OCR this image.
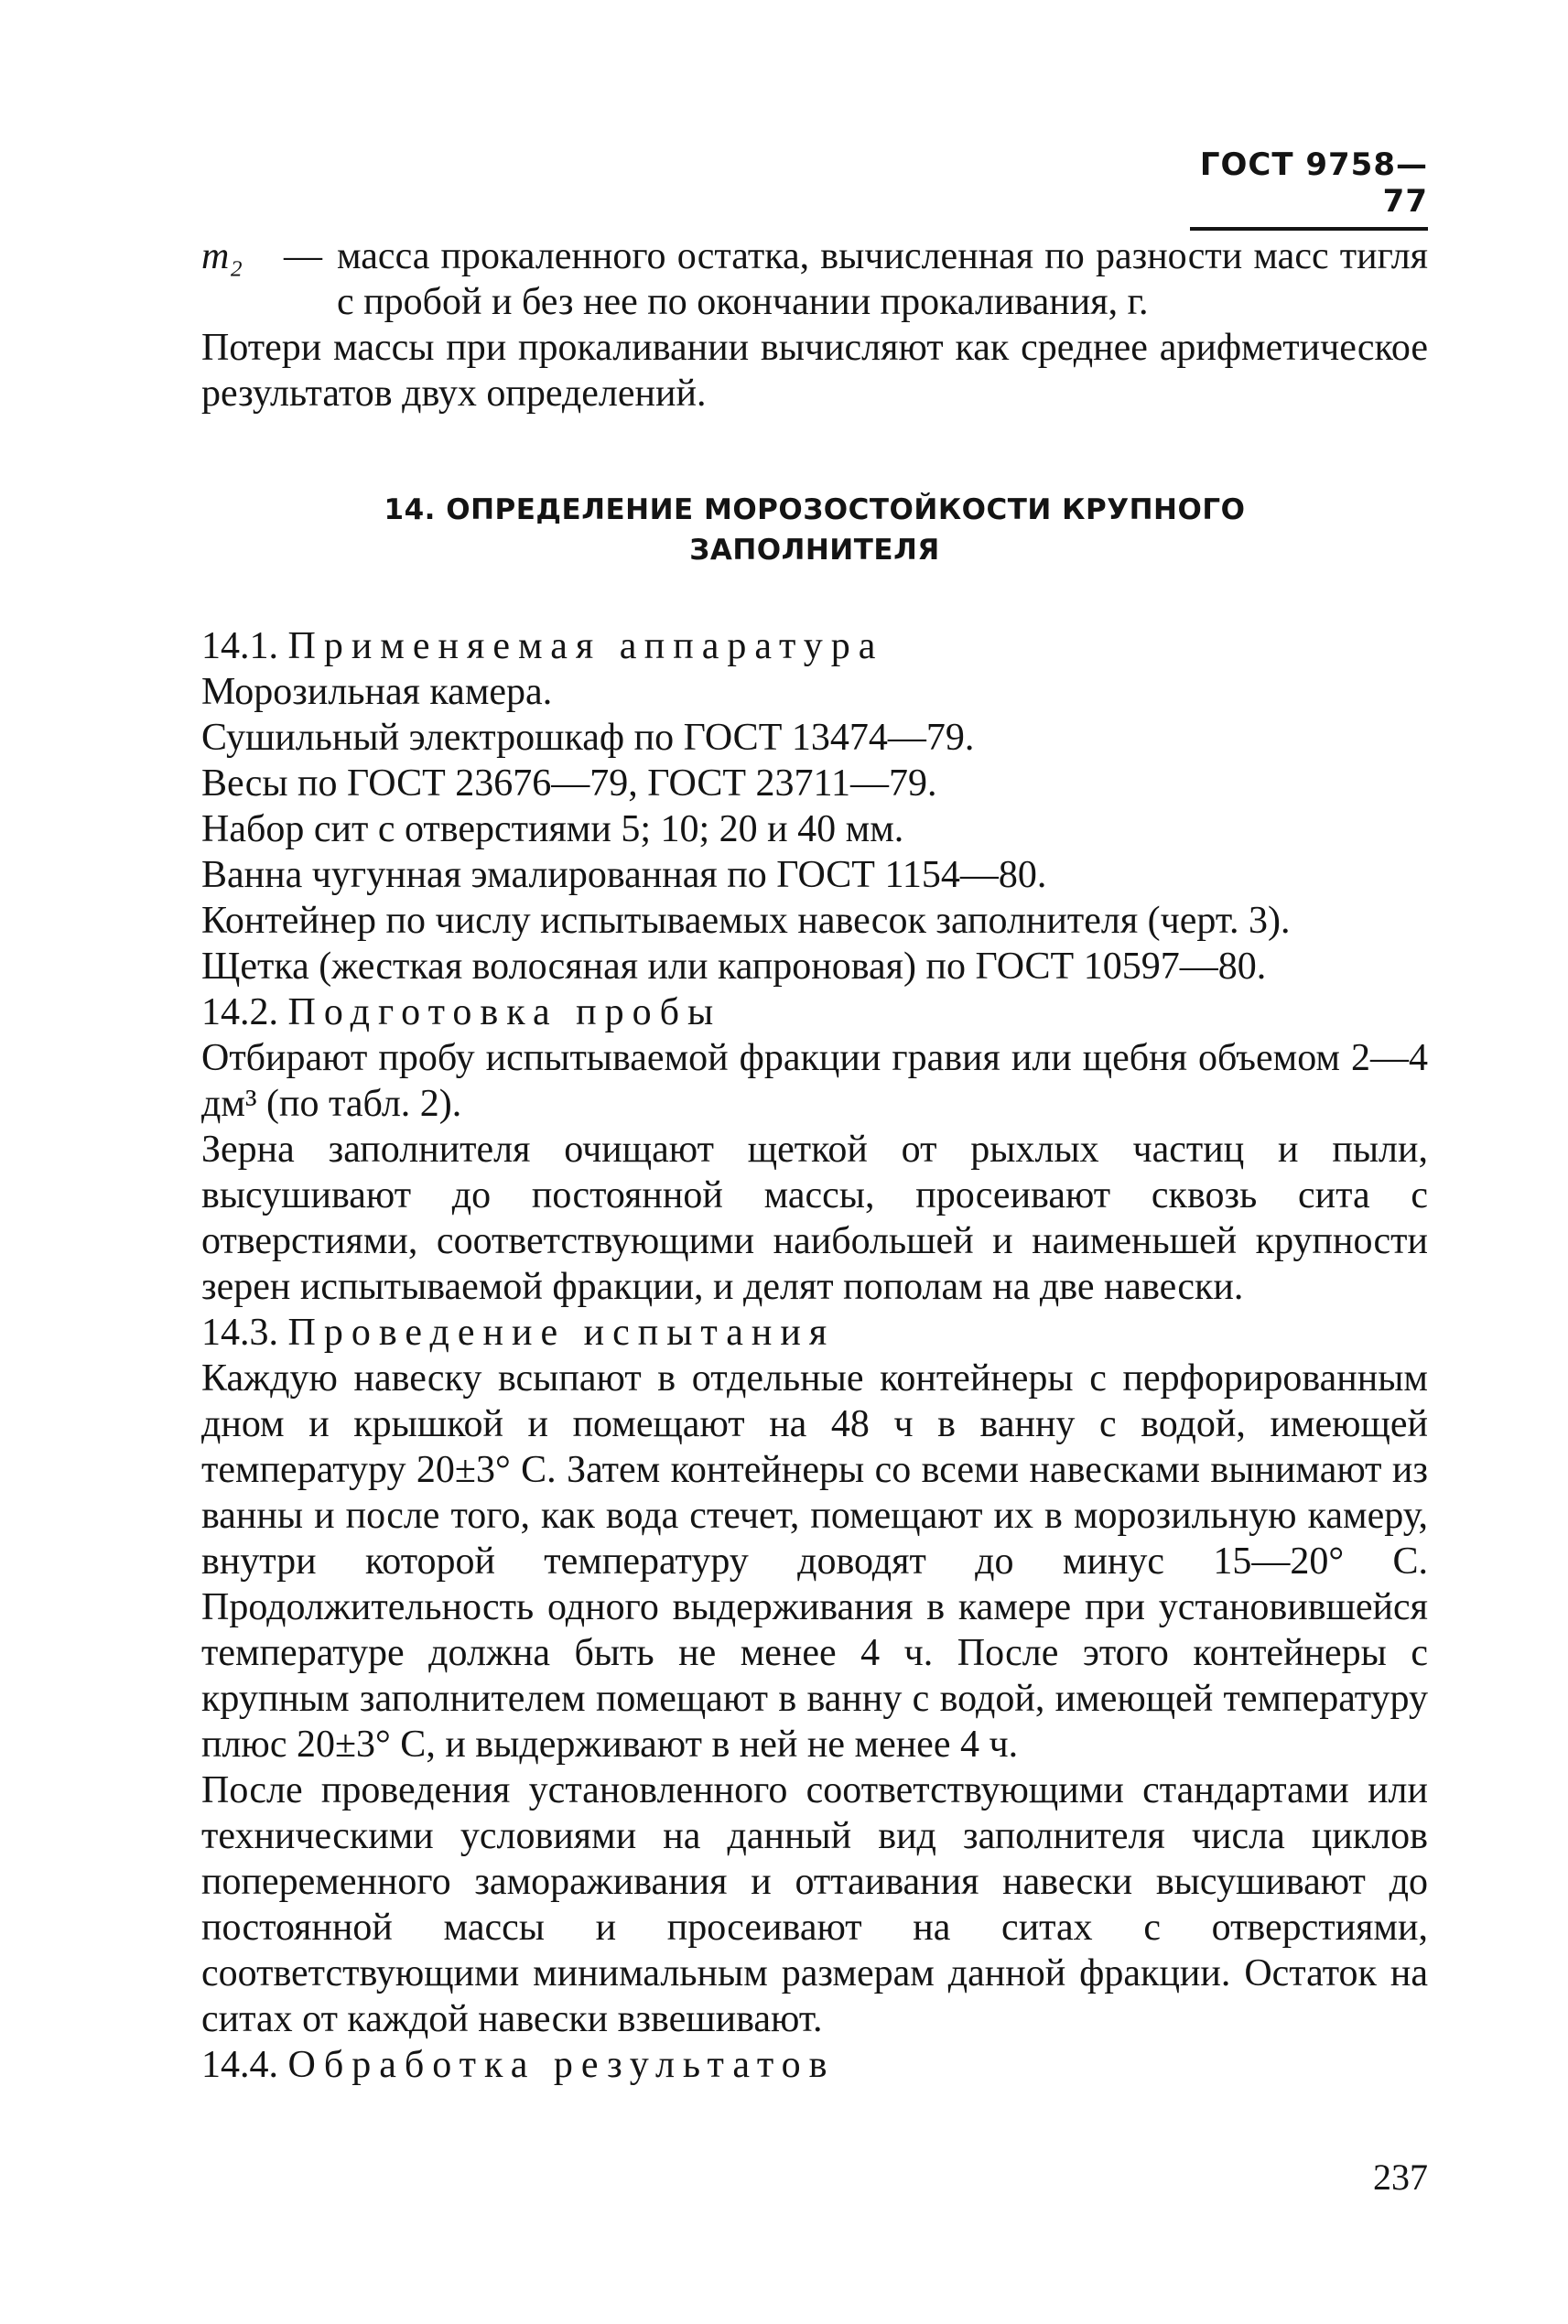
ГОСТ 9758—77
m₂	— масса прокаленного остатка, вычисленная по разности масс тигля с пробой и без нее по окончании прокаливания, г.

Потери массы при прокаливании вычисляют как среднее арифметическое результатов двух определений.

14. ОПРЕДЕЛЕНИЕ МОРОЗОСТОЙКОСТИ КРУПНОГО
ЗАПОЛНИТЕЛЯ

14.1. Применяемая аппаратура

Морозильная камера.

Сушильный электрошкаф по ГОСТ 13474—79.

Весы по ГОСТ 23676—79, ГОСТ 23711—79.

Набор сит с отверстиями 5; 10; 20 и 40 мм.

Ванна чугунная эмалированная по ГОСТ 1154—80.

Контейнер по числу испытываемых навесок заполнителя (черт. 3).

Щетка (жесткая волосяная или капроновая) по ГОСТ 10597—80.

14.2. Подготовка пробы

Отбирают пробу испытываемой фракции гравия или щебня объемом 2—4 дм³ (по табл. 2).

Зерна заполнителя очищают щеткой от рыхлых частиц и пыли, высушивают до постоянной массы, просеивают сквозь сита с отверстиями, соответствующими наибольшей и наименьшей крупности зерен испытываемой фракции, и делят пополам на две навески.

14.3. Проведение испытания

Каждую навеску всыпают в отдельные контейнеры с перфорированным дном и крышкой и помещают на 48 ч в ванну с водой, имеющей температуру 20±3° С. Затем контейнеры со всеми навесками вынимают из ванны и после того, как вода стечет, помещают их в морозильную камеру, внутри которой температуру доводят до минус 15—20° С. Продолжительность одного выдерживания в камере при установившейся температуре должна быть не менее 4 ч. После этого контейнеры с крупным заполнителем помещают в ванну с водой, имеющей температуру плюс 20±3° С, и выдерживают в ней не менее 4 ч.

После проведения установленного соответствующими стандартами или техническими условиями на данный вид заполнителя числа циклов попеременного замораживания и оттаивания навески высушивают до постоянной массы и просеивают на ситах с отверстиями, соответствующими минимальным размерам данной фракции. Остаток на ситах от каждой навески взвешивают.

14.4. Обработка результатов

237
